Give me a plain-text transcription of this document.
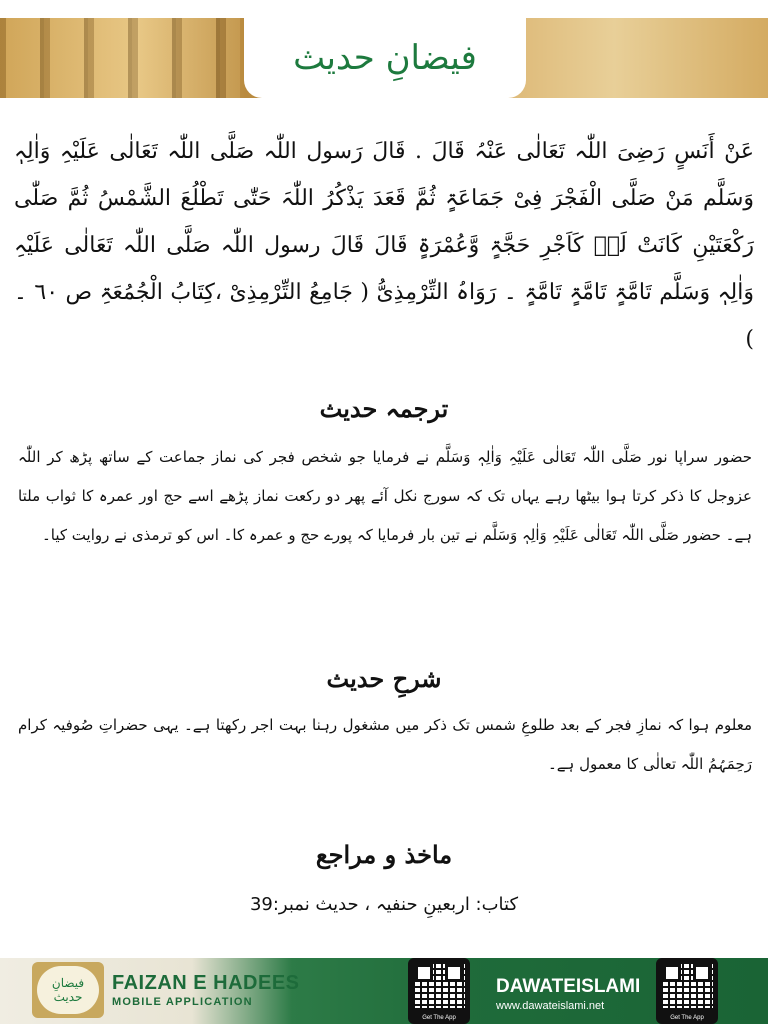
فیضانِ حدیث
عَنْ أَنَسٍ رَضِیَ اللّٰہ تَعَالٰی عَنْہُ قَالَ . قَالَ رَسول اللّٰہ صَلَّی اللّٰہ تَعَالٰی عَلَیْہِ وَاٰلِہٖ وَسَلَّم مَنْ صَلَّی الْفَجْرَ فِیْ جَمَاعَۃٍ ثُمَّ قَعَدَ یَذْکُرُ اللّٰہَ حَتّٰی تَطْلُعَ الشَّمْسُ ثُمَّ صَلّٰی رَکْعَتَیْنِ کَانَتْ لَہٗ کَاَجْرِ حَجَّۃٍ وَّعُمْرَۃٍ قَالَ قَالَ رسول اللّٰہ صَلَّی اللّٰہ تَعَالٰی عَلَیْہِ وَاٰلِہٖ وَسَلَّم تَامَّۃٍ تَامَّۃٍ تَامَّۃٍ ۔ رَوَاہُ التِّرْمِذِیُّ ( جَامِعُ التِّرْمِذِیْ ،کِتَابُ الْجُمُعَۃِ ص ٦٠ ۔ )
ترجمہ حدیث
حضور سراپا نور صَلَّی اللّٰہ تَعَالٰی عَلَیْہِ وَاٰلِہٖ وَسَلَّم نے فرمایا جو شخص فجر کی نماز جماعت کے ساتھ پڑھ کر اللّٰہ عزوجل کا ذکر کرتا ہوا بیٹھا رہے یہاں تک کہ سورج نکل آئے پھر دو رکعت نماز پڑھے اسے حج اور عمرہ کا ثواب ملتا ہے۔ حضور صَلَّی اللّٰہ تَعَالٰی عَلَیْہِ وَاٰلِہٖ وَسَلَّم نے تین بار فرمایا کہ پورے حج و عمرہ کا۔ اس کو ترمذی نے روایت کیا۔
شرحِ حدیث
معلوم ہوا کہ نمازِ فجر کے بعد طلوعِ شمس تک ذکر میں مشغول رہنا بہت اجر رکھتا ہے۔ یہی حضراتِ صُوفیہ کرام رَحِمَہُمُ اللّٰہ تعالٰی کا معمول ہے۔
ماخذ و مراجع
کتاب: اربعینِ حنفیہ ، حدیث نمبر:39
فیضانِ حدیث
FAIZAN E HADEES
MOBILE APPLICATION
Get The App
DAWATEISLAMI
www.dawateislami.net
Get The App
